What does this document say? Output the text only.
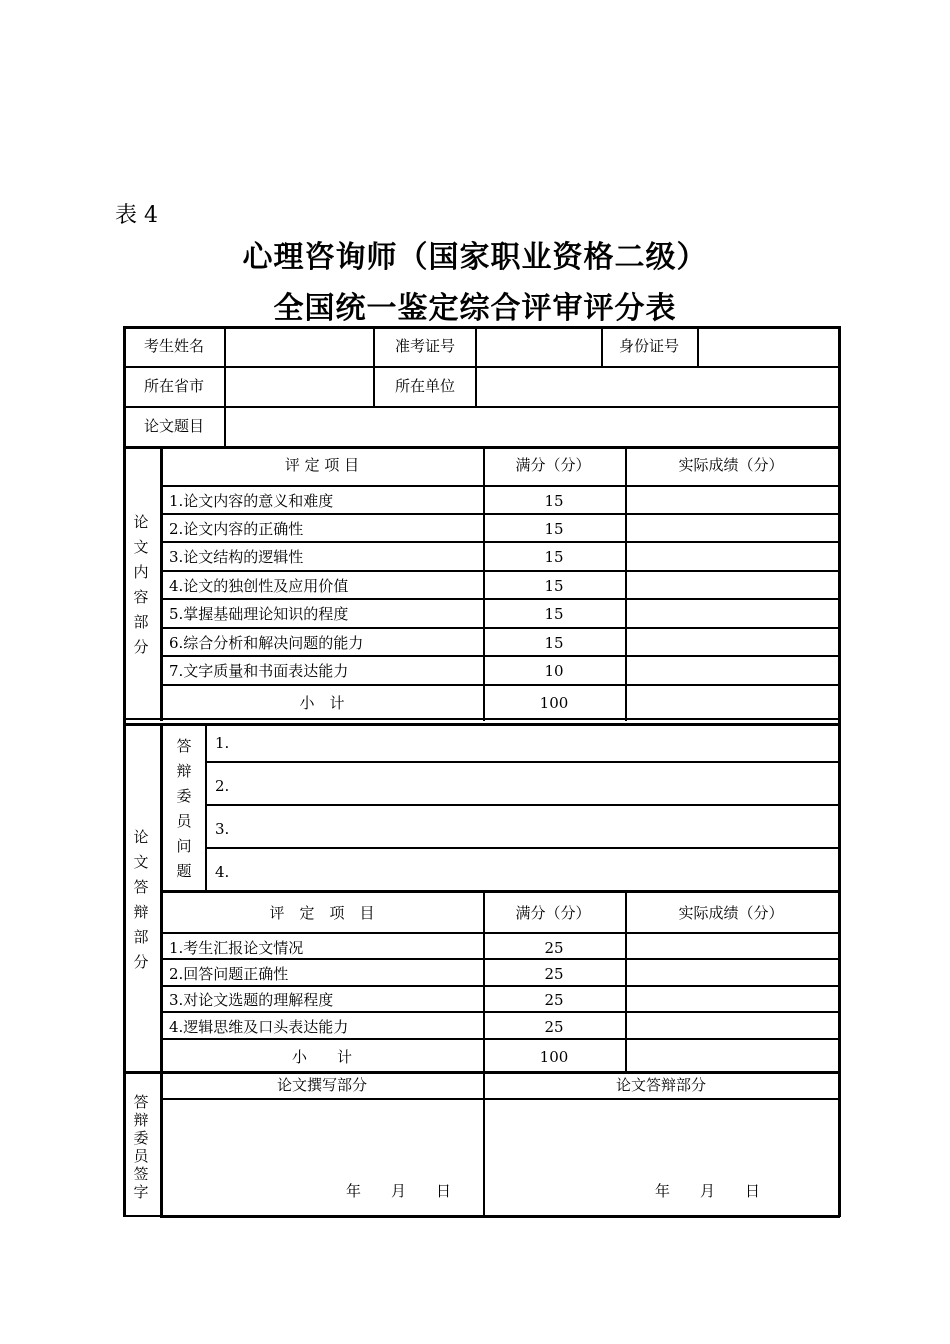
表 4
心理咨询师（国家职业资格二级）
全国统一鉴定综合评审评分表
考生姓名	准考证号	身份证号
所在省市	所在单位
论文题目
论文内容部分
评 定 项 目	满分（分）	实际成绩（分）
1.论文内容的意义和难度	15
2.论文内容的正确性	15
3.论文结构的逻辑性	15
4.论文的独创性及应用价值	15
5.掌握基础理论知识的程度	15
6.综合分析和解决问题的能力	15
7.文字质量和书面表达能力	10
小　计	100
论文答辩部分
答辩委员问题
1.
2.
3.
4.
评　定　项　目	满分（分）	实际成绩（分）
1.考生汇报论文情况	25
2.回答问题正确性	25
3.对论文选题的理解程度	25
4.逻辑思维及口头表达能力	25
小　　计	100
答辩委员签字
论文撰写部分	论文答辩部分
年　　月　　日	年　　月　　日
